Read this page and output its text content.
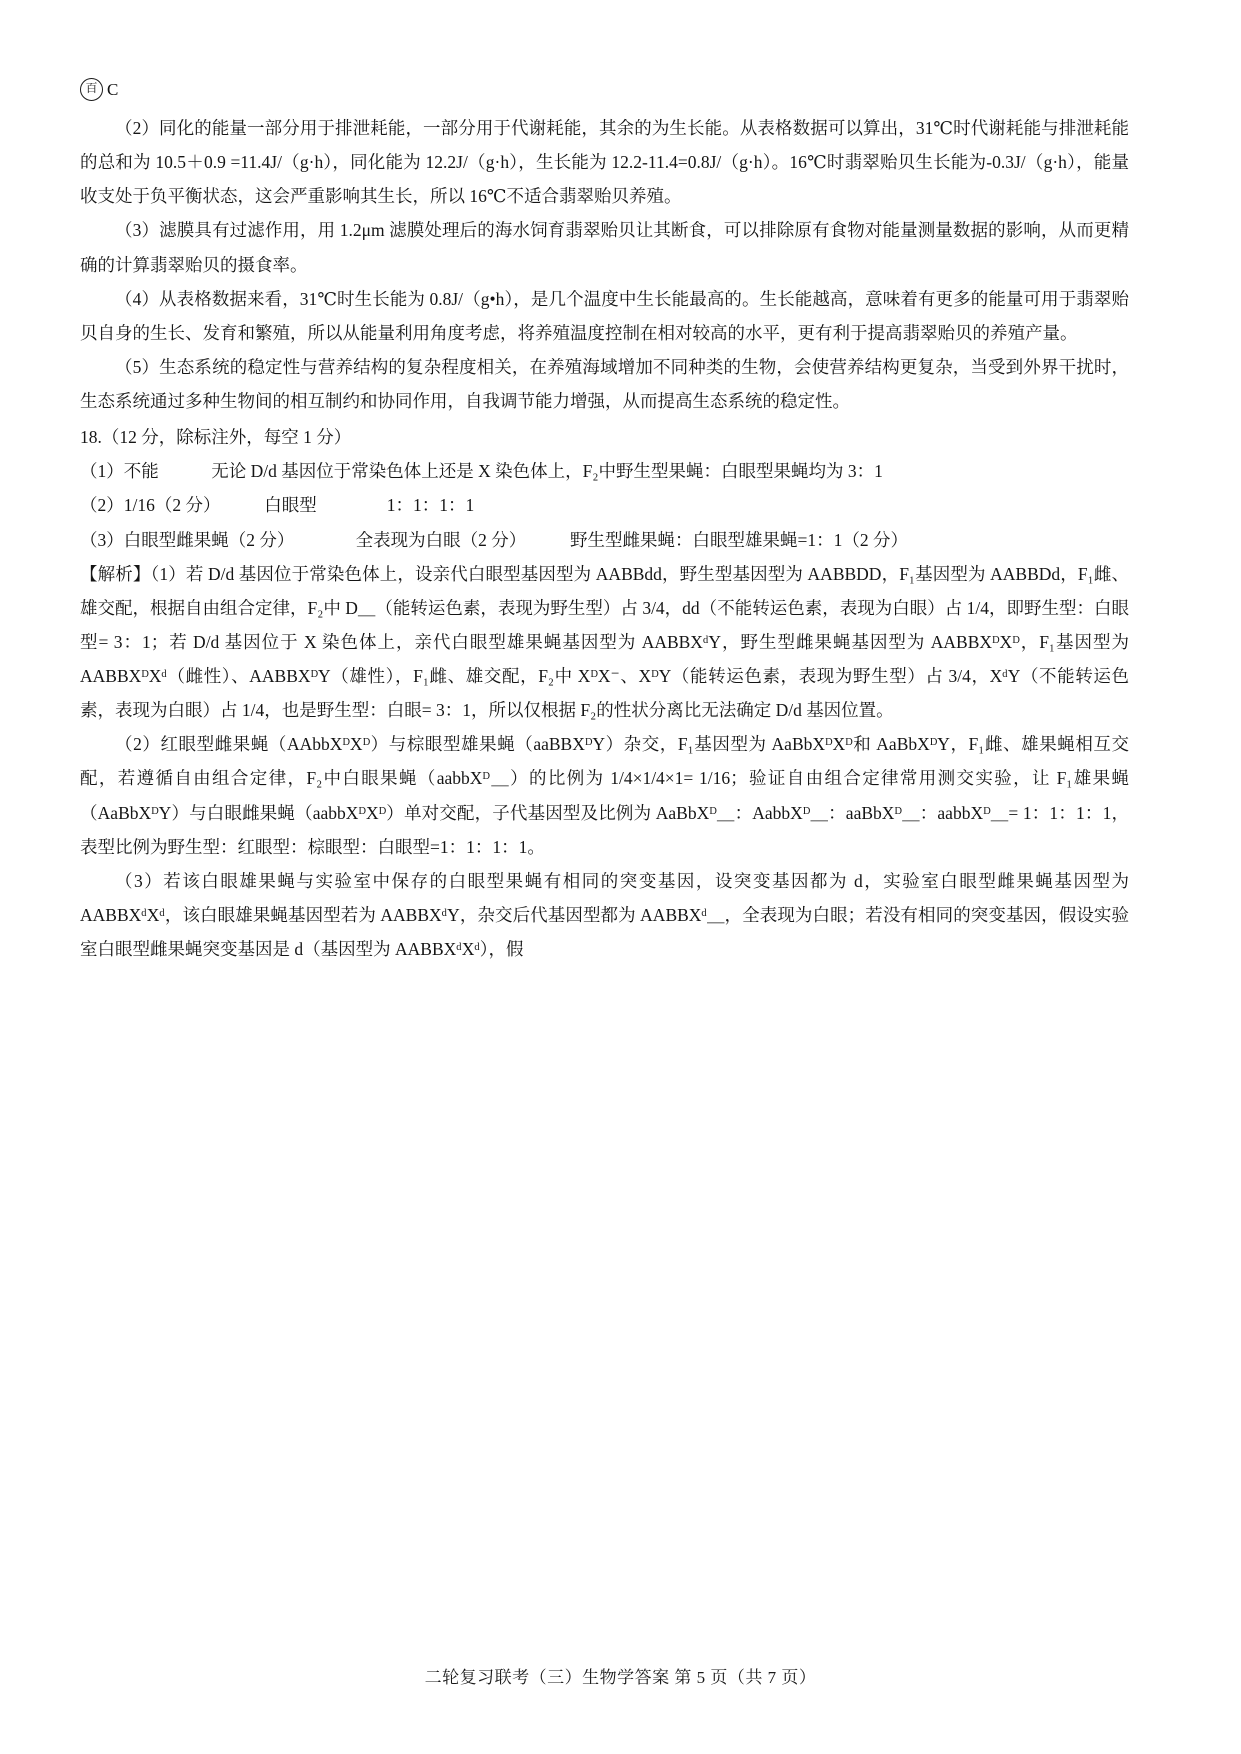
百 C

（2）同化的能量一部分用于排泄耗能，一部分用于代谢耗能，其余的为生长能。从表格数据可以算出，31℃时代谢耗能与排泄耗能的总和为 10.5＋0.9 =11.4J/（g·h），同化能为 12.2J/（g·h），生长能为 12.2-11.4=0.8J/（g·h）。16℃时翡翠贻贝生长能为-0.3J/（g·h），能量收支处于负平衡状态，这会严重影响其生长，所以 16℃不适合翡翠贻贝养殖。

（3）滤膜具有过滤作用，用 1.2μm 滤膜处理后的海水饲育翡翠贻贝让其断食，可以排除原有食物对能量测量数据的影响，从而更精确的计算翡翠贻贝的摄食率。

（4）从表格数据来看，31℃时生长能为 0.8J/（g•h），是几个温度中生长能最高的。生长能越高，意味着有更多的能量可用于翡翠贻贝自身的生长、发育和繁殖，所以从能量利用角度考虑，将养殖温度控制在相对较高的水平，更有利于提高翡翠贻贝的养殖产量。

（5）生态系统的稳定性与营养结构的复杂程度相关，在养殖海域增加不同种类的生物，会使营养结构更复杂，当受到外界干扰时，生态系统通过多种生物间的相互制约和协同作用，自我调节能力增强，从而提高生态系统的稳定性。

18.（12 分，除标注外，每空 1 分）

（1）不能　　　无论 D/d 基因位于常染色体上还是 X 染色体上，F₂中野生型果蝇：白眼型果蝇均为 3：1

（2）1/16（2 分）　　　白眼型　　　　1：1：1：1

（3）白眼型雌果蝇（2 分）　　　　全表现为白眼（2 分）　　　野生型雌果蝇：白眼型雄果蝇=1：1（2 分）

【解析】（1）若 D/d 基因位于常染色体上，设亲代白眼型基因型为 AABBdd，野生型基因型为 AABBDD，F₁基因型为 AABBDd，F₁雌、雄交配，根据自由组合定律，F₂中 D＿（能转运色素，表现为野生型）占 3/4，dd（不能转运色素，表现为白眼）占 1/4，即野生型：白眼型= 3：1；若 D/d 基因位于 X 染色体上，亲代白眼型雄果蝇基因型为 AABBXᵈY，野生型雌果蝇基因型为 AABBXᴰXᴰ，F₁基因型为 AABBXᴰXᵈ（雌性）、AABBXᴰY（雄性），F₁雌、雄交配，F₂中 XᴰX⁻、XᴰY（能转运色素，表现为野生型）占 3/4，XᵈY（不能转运色素，表现为白眼）占 1/4，也是野生型：白眼= 3：1，所以仅根据 F₂的性状分离比无法确定 D/d 基因位置。

（2）红眼型雌果蝇（AAbbXᴰXᴰ）与棕眼型雄果蝇（aaBBXᴰY）杂交，F₁基因型为 AaBbXᴰXᴰ和 AaBbXᴰY，F₁雌、雄果蝇相互交配，若遵循自由组合定律，F₂中白眼果蝇（aabbXᴰ＿）的比例为 1/4×1/4×1= 1/16；验证自由组合定律常用测交实验，让 F₁雄果蝇（AaBbXᴰY）与白眼雌果蝇（aabbXᴰXᴰ）单对交配，子代基因型及比例为 AaBbXᴰ＿：AabbXᴰ＿：aaBbXᴰ＿：aabbXᴰ＿= 1：1：1：1，表型比例为野生型：红眼型：棕眼型：白眼型=1：1：1：1。

（3）若该白眼雄果蝇与实验室中保存的白眼型果蝇有相同的突变基因，设突变基因都为 d，实验室白眼型雌果蝇基因型为 AABBXᵈXᵈ，该白眼雄果蝇基因型若为 AABBXᵈY，杂交后代基因型都为 AABBXᵈ＿，全表现为白眼；若没有相同的突变基因，假设实验室白眼型雌果蝇突变基因是 d（基因型为 AABBXᵈXᵈ），假

二轮复习联考（三）生物学答案 第 5 页（共 7 页）
